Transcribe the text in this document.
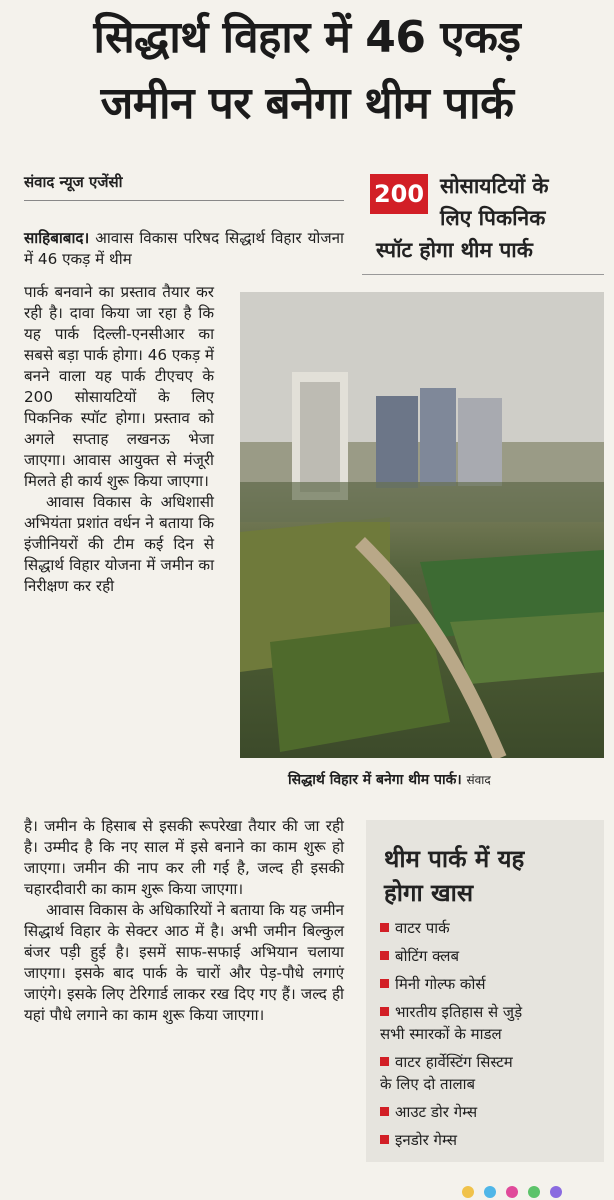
सिद्धार्थ विहार में 46 एकड़
जमीन पर बनेगा थीम पार्क
संवाद न्यूज एजेंसी	200 सोसायटियों के
लिए पिकनिक
स्पॉट होगा थीम पार्क

साहिबाबाद। आवास विकास परिषद सिद्धार्थ विहार योजना में 46 एकड़ में थीम

पार्क बनवाने का प्रस्ताव तैयार कर रही है। दावा किया जा रहा है कि यह पार्क दिल्ली-एनसीआर का सबसे बड़ा पार्क होगा। 46 एकड़ में बनने वाला यह पार्क टीएचए के 200 सोसायटियों के लिए पिकनिक स्पॉट होगा। प्रस्ताव को अगले सप्ताह लखनऊ भेजा जाएगा। आवास आयुक्त से मंजूरी मिलते ही कार्य शुरू किया जाएगा।

आवास विकास के अधिशासी अभियंता प्रशांत वर्धन ने बताया कि इंजीनियरों की टीम कई दिन से सिद्धार्थ विहार योजना में जमीन का निरीक्षण कर रही

है। जमीन के हिसाब से इसकी रूपरेखा तैयार की जा रही है। उम्मीद है कि नए साल में इसे बनाने का काम शुरू हो जाएगा। जमीन की नाप कर ली गई है, जल्द ही इसकी चहारदीवारी का काम शुरू किया जाएगा।

आवास विकास के अधिकारियों ने बताया कि यह जमीन सिद्धार्थ विहार के सेक्टर आठ में है। अभी जमीन बिल्कुल बंजर पड़ी हुई है। इसमें साफ-सफाई अभियान चलाया जाएगा। इसके बाद पार्क के चारों और पेड़-पौधे लगाएं जाएंगे। इसके लिए टेरिगार्ड लाकर रख दिए गए हैं। जल्द ही यहां पौधे लगाने का काम शुरू किया जाएगा।

सिद्धार्थ विहार में बनेगा थीम पार्क। संवाद
थीम पार्क में यह
होगा खास
वाटर पार्क
बोटिंग क्लब
मिनी गोल्फ कोर्स
भारतीय इतिहास से जुड़े
सभी स्मारकों के माडल
वाटर हार्वेस्टिंग सिस्टम
के लिए दो तालाब
आउट डोर गेम्स
इनडोर गेम्स
